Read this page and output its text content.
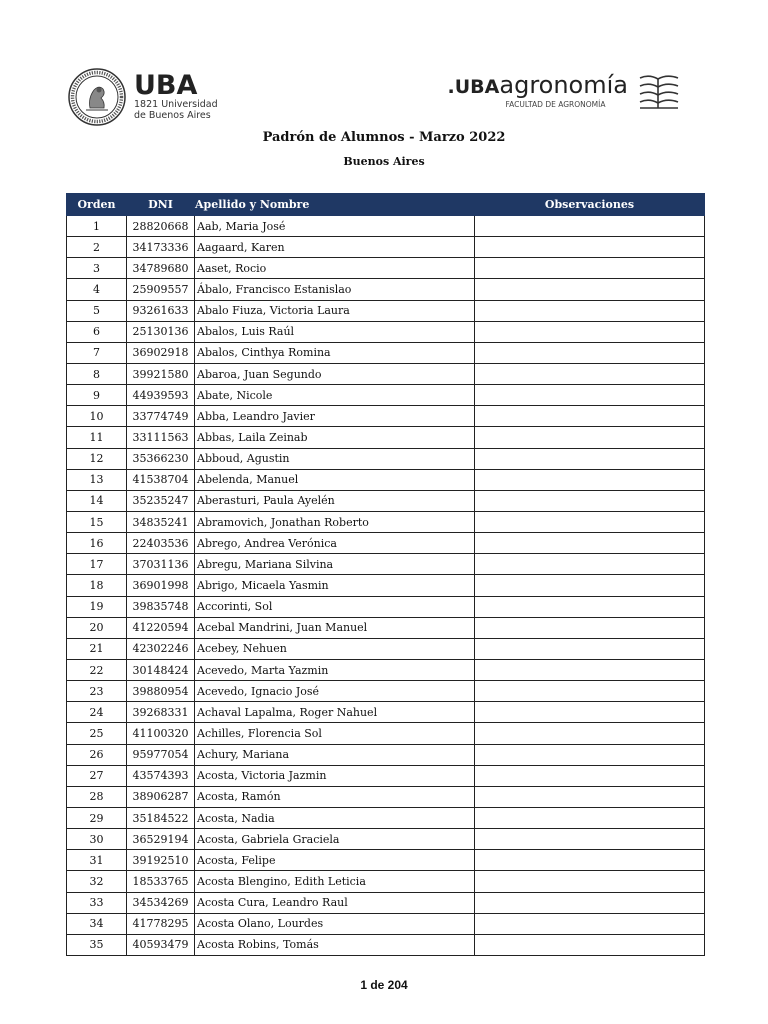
UBA
1821 Universidad
de Buenos Aires
.UBAagronomía
FACULTAD DE AGRONOMÍA
Padrón de Alumnos - Marzo 2022
Buenos Aires
Orden	DNI	Apellido y Nombre	Observaciones
1	28820668	Aab, Maria José	
2	34173336	Aagaard, Karen	
3	34789680	Aaset, Rocio	
4	25909557	Ábalo, Francisco Estanislao	
5	93261633	Abalo Fiuza, Victoria Laura	
6	25130136	Abalos, Luis Raúl	
7	36902918	Abalos, Cinthya Romina	
8	39921580	Abaroa, Juan Segundo	
9	44939593	Abate, Nicole	
10	33774749	Abba, Leandro Javier	
11	33111563	Abbas, Laila Zeinab	
12	35366230	Abboud, Agustin	
13	41538704	Abelenda, Manuel	
14	35235247	Aberasturi, Paula Ayelén	
15	34835241	Abramovich, Jonathan Roberto	
16	22403536	Abrego, Andrea Verónica	
17	37031136	Abregu, Mariana Silvina	
18	36901998	Abrigo, Micaela Yasmin	
19	39835748	Accorinti, Sol	
20	41220594	Acebal Mandrini, Juan Manuel	
21	42302246	Acebey, Nehuen	
22	30148424	Acevedo, Marta Yazmin	
23	39880954	Acevedo, Ignacio José	
24	39268331	Achaval Lapalma, Roger Nahuel	
25	41100320	Achilles, Florencia Sol	
26	95977054	Achury, Mariana	
27	43574393	Acosta, Victoria Jazmin	
28	38906287	Acosta, Ramón	
29	35184522	Acosta, Nadia	
30	36529194	Acosta, Gabriela Graciela	
31	39192510	Acosta, Felipe	
32	18533765	Acosta Blengino, Edith Leticia	
33	34534269	Acosta Cura, Leandro Raul	
34	41778295	Acosta Olano, Lourdes	
35	40593479	Acosta Robins, Tomás	
1 de 204
